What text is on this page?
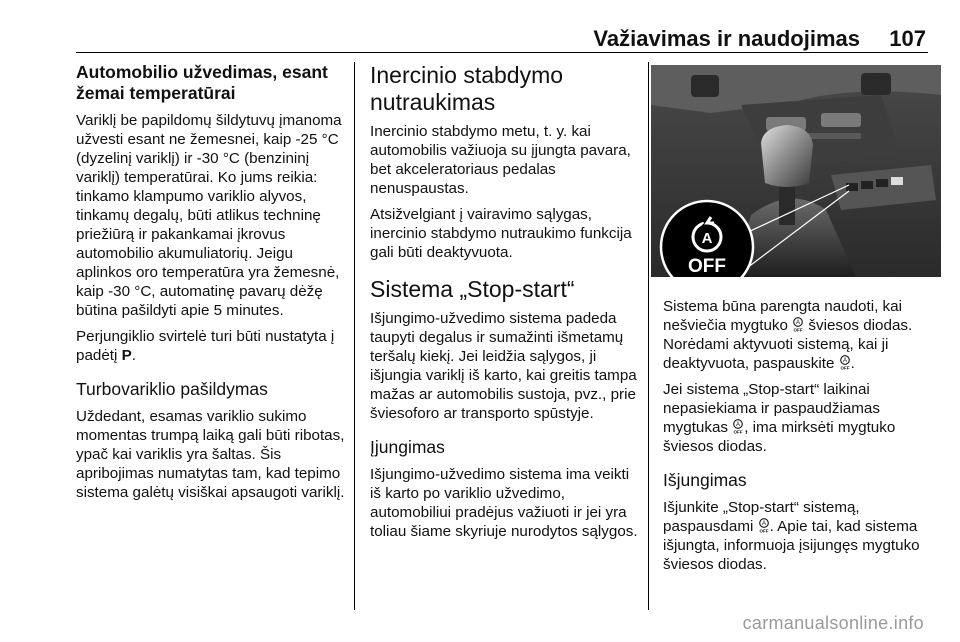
Važiavimas ir naudojimas 107
Automobilio užvedimas, esant žemai temperatūrai

Variklį be papildomų šildytuvų įmanoma užvesti esant ne žemesnei, kaip -25 °C (dyzelinį variklį) ir -30 °C (benzininį variklį) temperatūrai. Ko jums reikia: tinkamo klampumo variklio alyvos, tinkamų degalų, būti atlikus techninę priežiūrą ir pakankamai įkrovus automobilio akumuliatorių. Jeigu aplinkos oro temperatūra yra žemesnė, kaip -30 °C, automatinę pavarų dėžę būtina pašildyti apie 5 minutes.

Perjungiklio svirtelė turi būti nustatyta į padėtį P.

Turbovariklio pašildymas

Uždedant, esamas variklio sukimo momentas trumpą laiką gali būti ribotas, ypač kai variklis yra šaltas. Šis apribojimas numatytas tam, kad tepimo sistema galėtų visiškai apsaugoti variklį.

Inercinio stabdymo nutraukimas

Inercinio stabdymo metu, t. y. kai automobilis važiuoja su įjungta pavara, bet akceleratoriaus pedalas nenuspaustas.

Atsižvelgiant į vairavimo sąlygas, inercinio stabdymo nutraukimo funkcija gali būti deaktyvuota.

Sistema „Stop-start“

Išjungimo-užvedimo sistema padeda taupyti degalus ir sumažinti išmetamų teršalų kiekį. Jei leidžia sąlygos, ji išjungia variklį iš karto, kai greitis tampa mažas ar automobilis sustoja, pvz., prie šviesoforo ar transporto spūstyje.

Įjungimas

Išjungimo-užvedimo sistema ima veikti iš karto po variklio užvedimo, automobiliui pradėjus važiuoti ir jei yra toliau šiame skyriuje nurodytos sąlygos.

A
OFF

Sistema būna parengta naudoti, kai nešviečia mygtuko A
OFF šviesos diodas. Norėdami aktyvuoti sistemą, kai ji deaktyvuota, paspauskite A
OFF .

Jei sistema „Stop-start“ laikinai nepasiekiama ir paspaudžiamas mygtukas A
OFF , ima mirksėti mygtuko šviesos diodas.

Išjungimas

Išjunkite „Stop-start“ sistemą, paspausdami A
OFF . Apie tai, kad sistema išjungta, informuoja įsijungęs mygtuko šviesos diodas.

carmanualsonline.info
